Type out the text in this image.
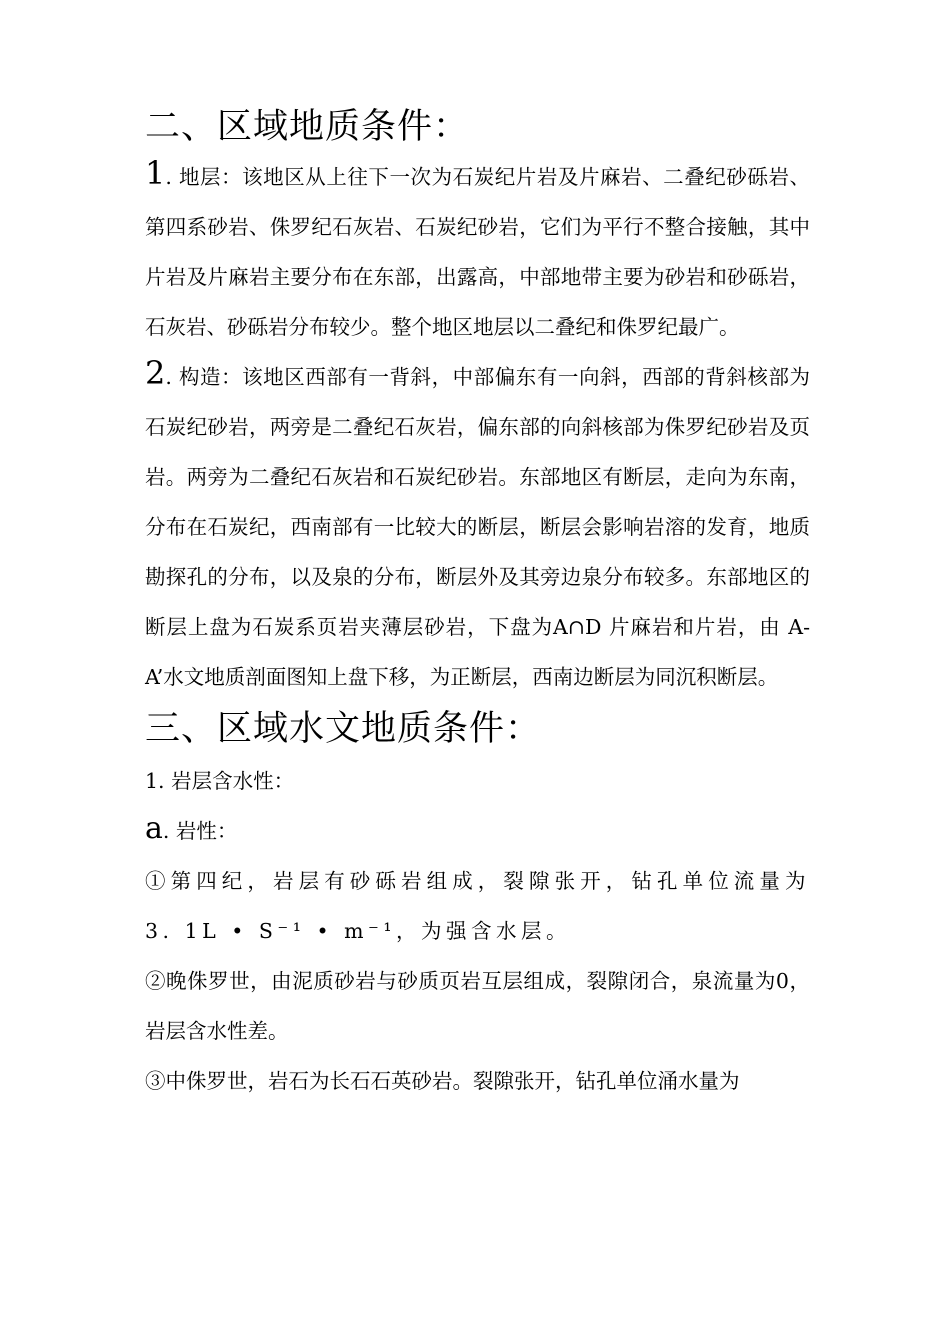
二、区域地质条件：

1. 地层：该地区从上往下一次为石炭纪片岩及片麻岩、二叠纪砂砾岩、第四系砂岩、侏罗纪石灰岩、石炭纪砂岩，它们为平行不整合接触，其中片岩及片麻岩主要分布在东部，出露高，中部地带主要为砂岩和砂砾岩，石灰岩、砂砾岩分布较少。整个地区地层以二叠纪和侏罗纪最广。

2. 构造：该地区西部有一背斜，中部偏东有一向斜，西部的背斜核部为石炭纪砂岩，两旁是二叠纪石灰岩，偏东部的向斜核部为侏罗纪砂岩及页岩。两旁为二叠纪石灰岩和石炭纪砂岩。东部地区有断层，走向为东南，分布在石炭纪，西南部有一比较大的断层，断层会影响岩溶的发育，地质勘探孔的分布，以及泉的分布，断层外及其旁边泉分布较多。东部地区的断层上盘为石炭系页岩夹薄层砂岩，下盘为A∩D 片麻岩和片岩，由 A-A’水文地质剖面图知上盘下移，为正断层，西南边断层为同沉积断层。

三、区域水文地质条件：

1. 岩层含水性：

a. 岩性：

①第四纪，岩层有砂砾岩组成，裂隙张开，钻孔单位流量为3. 1L • S⁻¹ • m⁻¹，为强含水层。

②晚侏罗世，由泥质砂岩与砂质页岩互层组成，裂隙闭合，泉流量为0，岩层含水性差。

③中侏罗世，岩石为长石石英砂岩。裂隙张开，钻孔单位涌水量为
